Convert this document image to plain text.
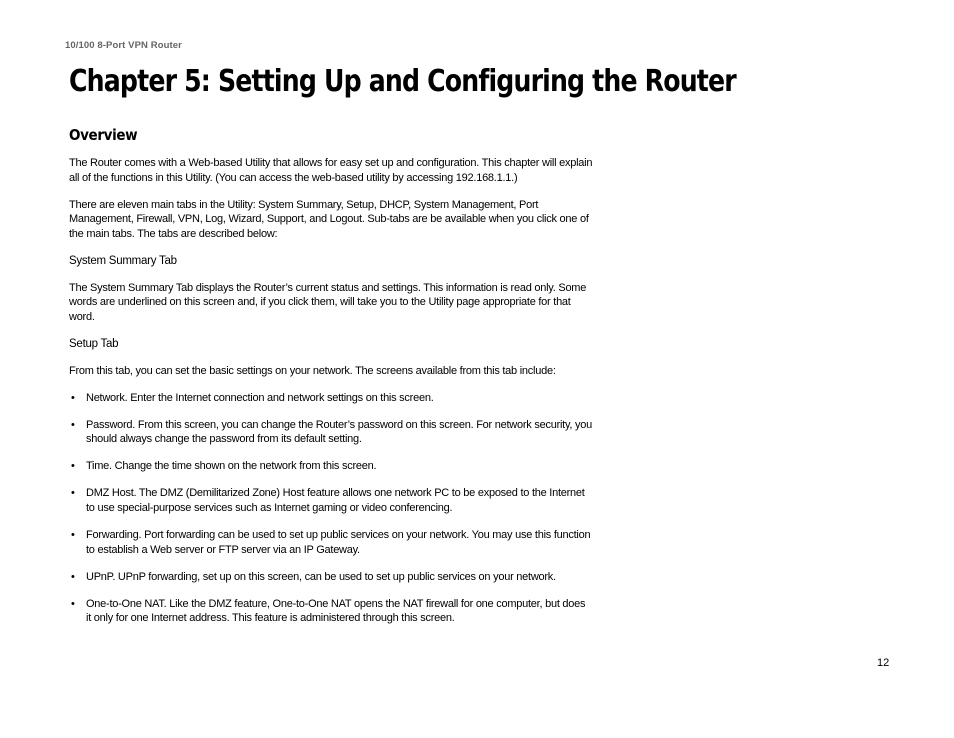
10/100 8-Port VPN Router
Chapter 5: Setting Up and Configuring the Router
Overview

The Router comes with a Web-based Utility that allows for easy set up and configuration. This chapter will explain all of the functions in this Utility. (You can access the web-based utility by accessing 192.168.1.1.)

There are eleven main tabs in the Utility: System Summary, Setup, DHCP, System Management, Port Management, Firewall, VPN, Log, Wizard, Support, and Logout. Sub-tabs are be available when you click one of the main tabs. The tabs are described below:

System Summary Tab

The System Summary Tab displays the Router’s current status and settings. This information is read only. Some words are underlined on this screen and, if you click them, will take you to the Utility page appropriate for that word.

Setup Tab

From this tab, you can set the basic settings on your network. The screens available from this tab include:

• Network. Enter the Internet connection and network settings on this screen.
• Password. From this screen, you can change the Router’s password on this screen. For network security, you should always change the password from its default setting.
• Time. Change the time shown on the network from this screen.
• DMZ Host. The DMZ (Demilitarized Zone) Host feature allows one network PC to be exposed to the Internet to use special-purpose services such as Internet gaming or video conferencing.
• Forwarding. Port forwarding can be used to set up public services on your network. You may use this function to establish a Web server or FTP server via an IP Gateway.
• UPnP. UPnP forwarding, set up on this screen, can be used to set up public services on your network.
• One-to-One NAT. Like the DMZ feature, One-to-One NAT opens the NAT firewall for one computer, but does it only for one Internet address. This feature is administered through this screen.
12
